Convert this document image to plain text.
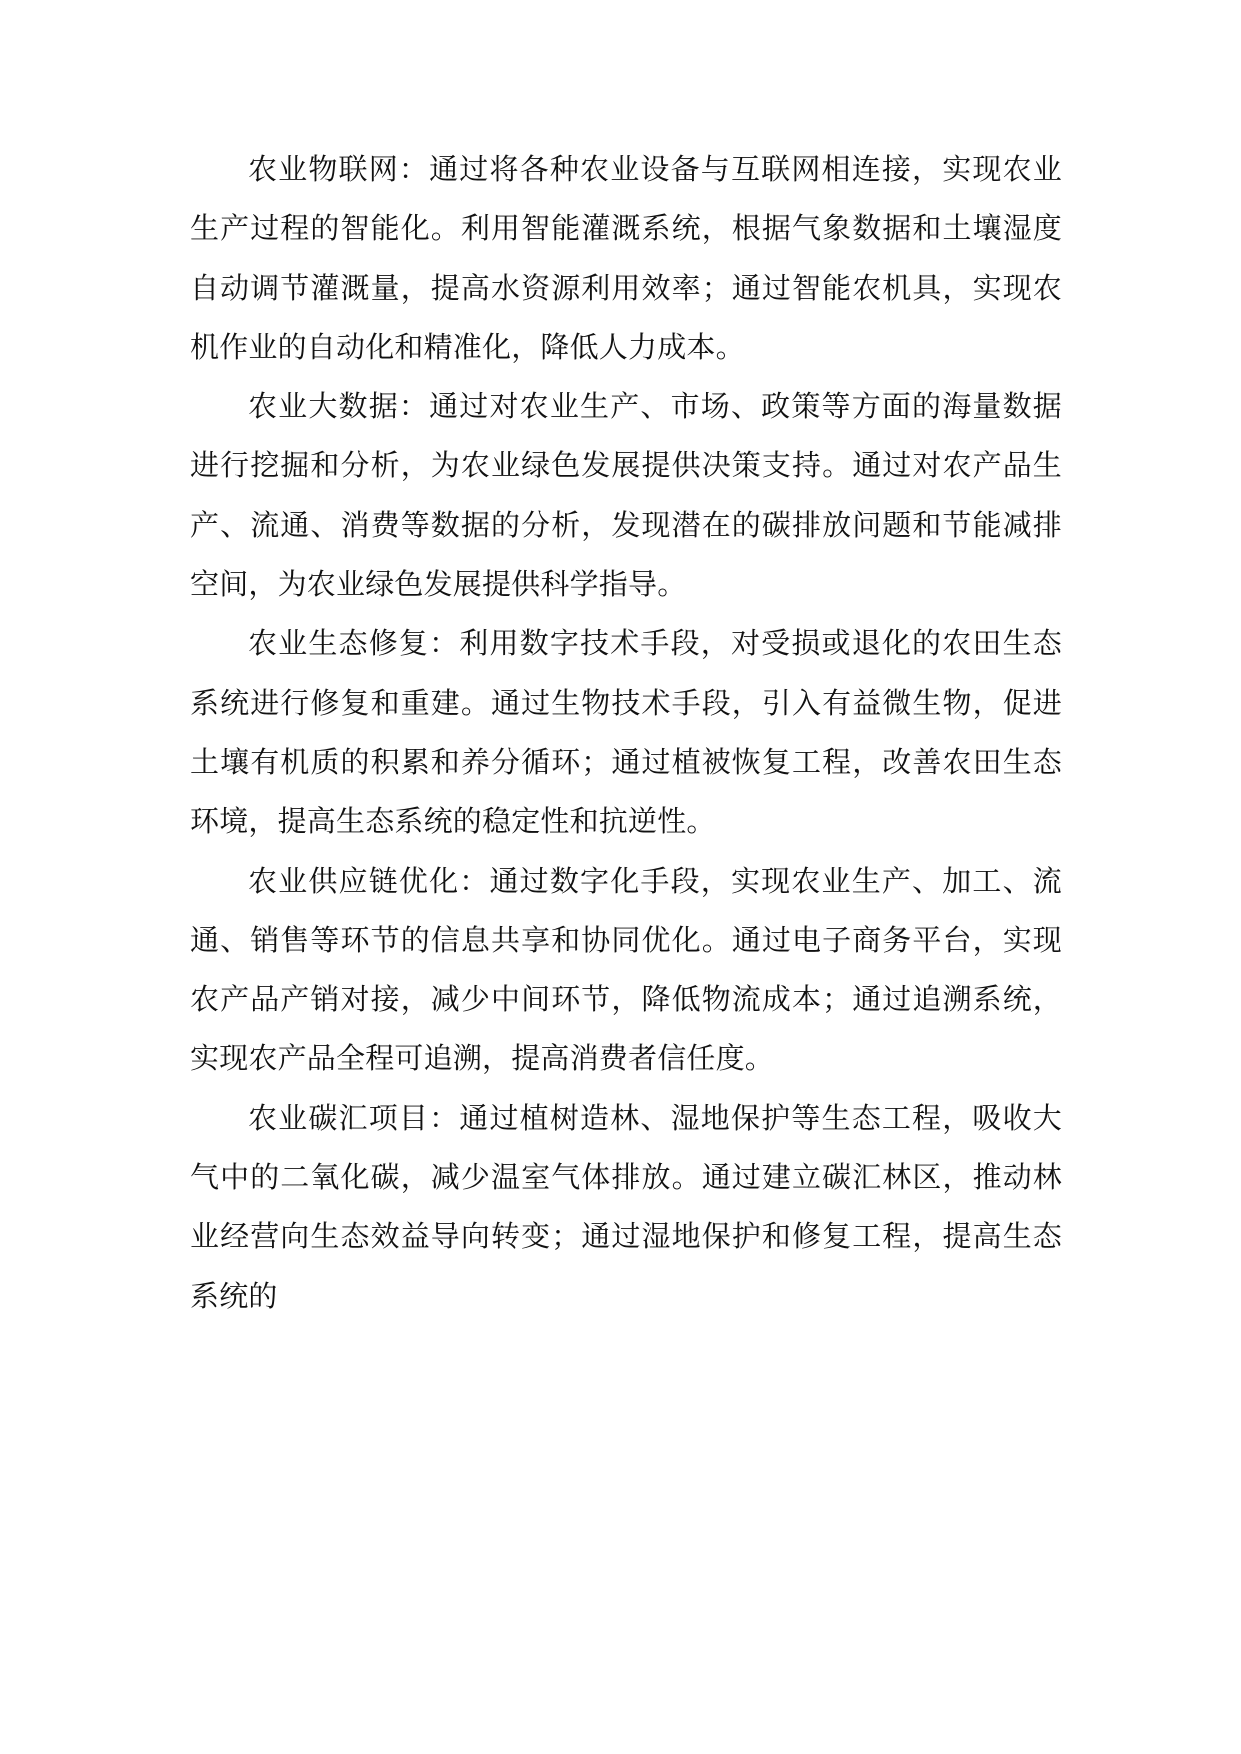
农业物联网：通过将各种农业设备与互联网相连接，实现农业生产过程的智能化。利用智能灌溉系统，根据气象数据和土壤湿度自动调节灌溉量，提高水资源利用效率；通过智能农机具，实现农机作业的自动化和精准化，降低人力成本。

农业大数据：通过对农业生产、市场、政策等方面的海量数据进行挖掘和分析，为农业绿色发展提供决策支持。通过对农产品生产、流通、消费等数据的分析，发现潜在的碳排放问题和节能减排空间，为农业绿色发展提供科学指导。

农业生态修复：利用数字技术手段，对受损或退化的农田生态系统进行修复和重建。通过生物技术手段，引入有益微生物，促进土壤有机质的积累和养分循环；通过植被恢复工程，改善农田生态环境，提高生态系统的稳定性和抗逆性。

农业供应链优化：通过数字化手段，实现农业生产、加工、流通、销售等环节的信息共享和协同优化。通过电子商务平台，实现农产品产销对接，减少中间环节，降低物流成本；通过追溯系统，实现农产品全程可追溯，提高消费者信任度。

农业碳汇项目：通过植树造林、湿地保护等生态工程，吸收大气中的二氧化碳，减少温室气体排放。通过建立碳汇林区，推动林业经营向生态效益导向转变；通过湿地保护和修复工程，提高生态系统的
